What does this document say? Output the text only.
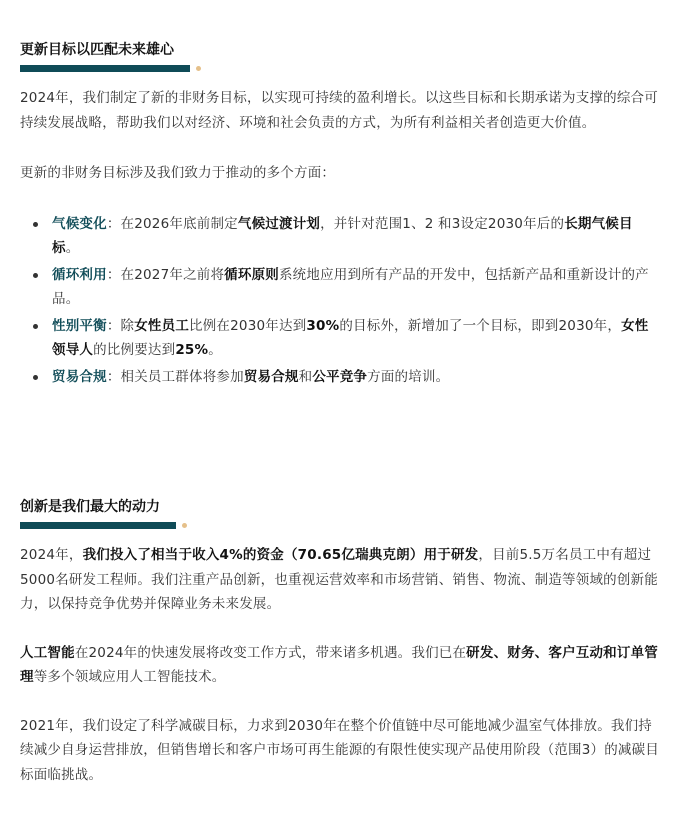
更新目标以匹配未来雄心

2024年，我们制定了新的非财务目标，以实现可持续的盈利增长。以这些目标和长期承诺为支撑的综合可持续发展战略，帮助我们以对经济、环境和社会负责的方式，为所有利益相关者创造更大价值。

更新的非财务目标涉及我们致力于推动的多个方面：

气候变化：在2026年底前制定气候过渡计划，并针对范围1、2 和3设定2030年后的长期气候目标。
循环利用：在2027年之前将循环原则系统地应用到所有产品的开发中，包括新产品和重新设计的产品。
性别平衡：除女性员工比例在2030年达到30%的目标外，新增加了一个目标，即到2030年，女性领导人的比例要达到25%。
贸易合规：相关员工群体将参加贸易合规和公平竞争方面的培训。
创新是我们最大的动力

2024年，我们投入了相当于收入4%的资金（70.65亿瑞典克朗）用于研发，目前5.5万名员工中有超过5000名研发工程师。我们注重产品创新，也重视运营效率和市场营销、销售、物流、制造等领域的创新能力，以保持竞争优势并保障业务未来发展。

人工智能在2024年的快速发展将改变工作方式，带来诸多机遇。我们已在研发、财务、客户互动和订单管理等多个领域应用人工智能技术。

2021年，我们设定了科学减碳目标，力求到2030年在整个价值链中尽可能地减少温室气体排放。我们持续减少自身运营排放，但销售增长和客户市场可再生能源的有限性使实现产品使用阶段（范围3）的减碳目标面临挑战。
